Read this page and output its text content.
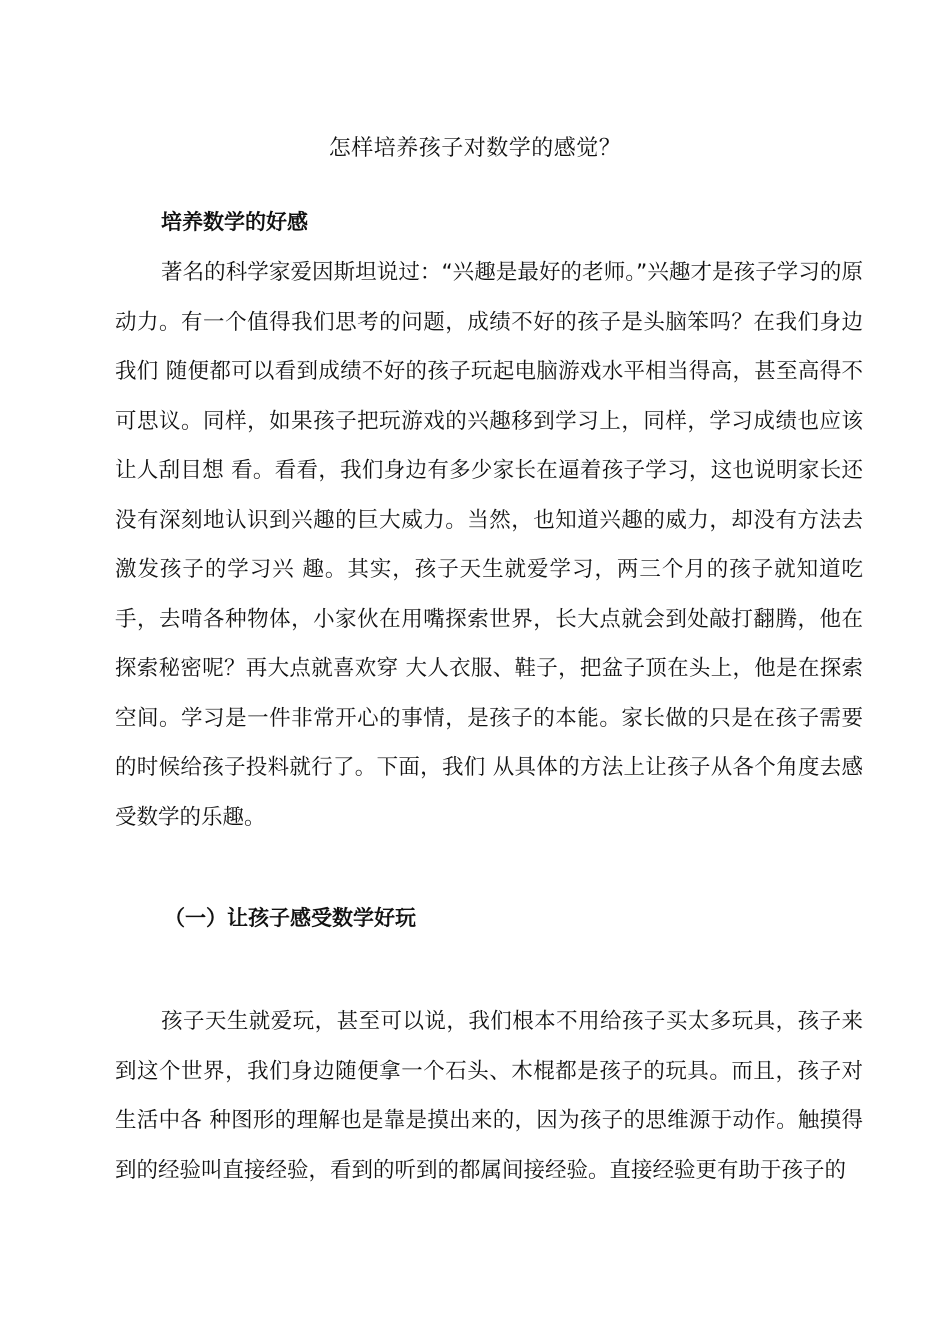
怎样培养孩子对数学的感觉？
培养数学的好感

著名的科学家爱因斯坦说过：“兴趣是最好的老师。”兴趣才是孩子学习的原动力。有一个值得我们思考的问题，成绩不好的孩子是头脑笨吗？在我们身边我们 随便都可以看到成绩不好的孩子玩起电脑游戏水平相当得高，甚至高得不可思议。同样，如果孩子把玩游戏的兴趣移到学习上，同样，学习成绩也应该让人刮目想 看。看看，我们身边有多少家长在逼着孩子学习，这也说明家长还没有深刻地认识到兴趣的巨大威力。当然，也知道兴趣的威力，却没有方法去激发孩子的学习兴 趣。其实，孩子天生就爱学习，两三个月的孩子就知道吃手，去啃各种物体，小家伙在用嘴探索世界，长大点就会到处敲打翻腾，他在探索秘密呢？再大点就喜欢穿 大人衣服、鞋子，把盆子顶在头上，他是在探索空间。学习是一件非常开心的事情，是孩子的本能。家长做的只是在孩子需要的时候给孩子投料就行了。下面，我们 从具体的方法上让孩子从各个角度去感受数学的乐趣。

（一）让孩子感受数学好玩

孩子天生就爱玩，甚至可以说，我们根本不用给孩子买太多玩具，孩子来到这个世界，我们身边随便拿一个石头、木棍都是孩子的玩具。而且，孩子对生活中各 种图形的理解也是靠是摸出来的，因为孩子的思维源于动作。触摸得到的经验叫直接经验，看到的听到的都属间接经验。直接经验更有助于孩子的
